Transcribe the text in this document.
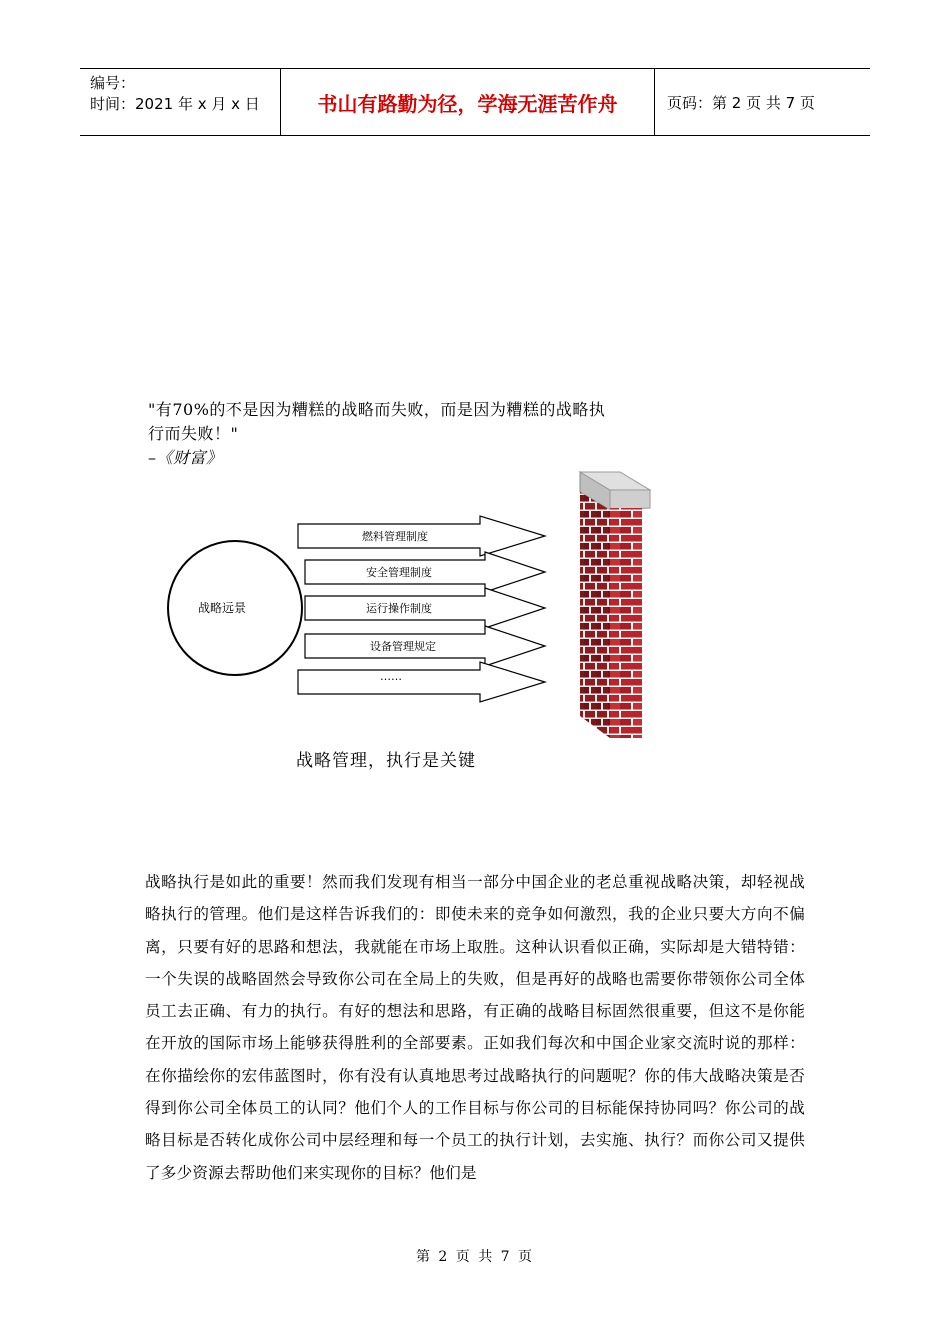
编号：
时间：2021 年 x 月 x 日	书山有路勤为径，学海无涯苦作舟	页码：第 2 页 共 7 页
"有70%的不是因为糟糕的战略而失败，而是因为糟糕的战略执
行而失败！"
–《财富》
战略远景
燃料管理制度
安全管理制度
运行操作制度
设备管理规定
……
战略管理，执行是关键
战略执行是如此的重要！然而我们发现有相当一部分中国企业的老总重视战略决策，却轻视战略执行的管理。他们是这样告诉我们的：即使未来的竞争如何激烈，我的企业只要大方向不偏离，只要有好的思路和想法，我就能在市场上取胜。这种认识看似正确，实际却是大错特错：一个失误的战略固然会导致你公司在全局上的失败，但是再好的战略也需要你带领你公司全体员工去正确、有力的执行。有好的想法和思路，有正确的战略目标固然很重要，但这不是你能在开放的国际市场上能够获得胜利的全部要素。正如我们每次和中国企业家交流时说的那样：在你描绘你的宏伟蓝图时，你有没有认真地思考过战略执行的问题呢？你的伟大战略决策是否得到你公司全体员工的认同？他们个人的工作目标与你公司的目标能保持协同吗？你公司的战略目标是否转化成你公司中层经理和每一个员工的执行计划，去实施、执行？而你公司又提供了多少资源去帮助他们来实现你的目标？他们是
第 2 页 共 7 页
